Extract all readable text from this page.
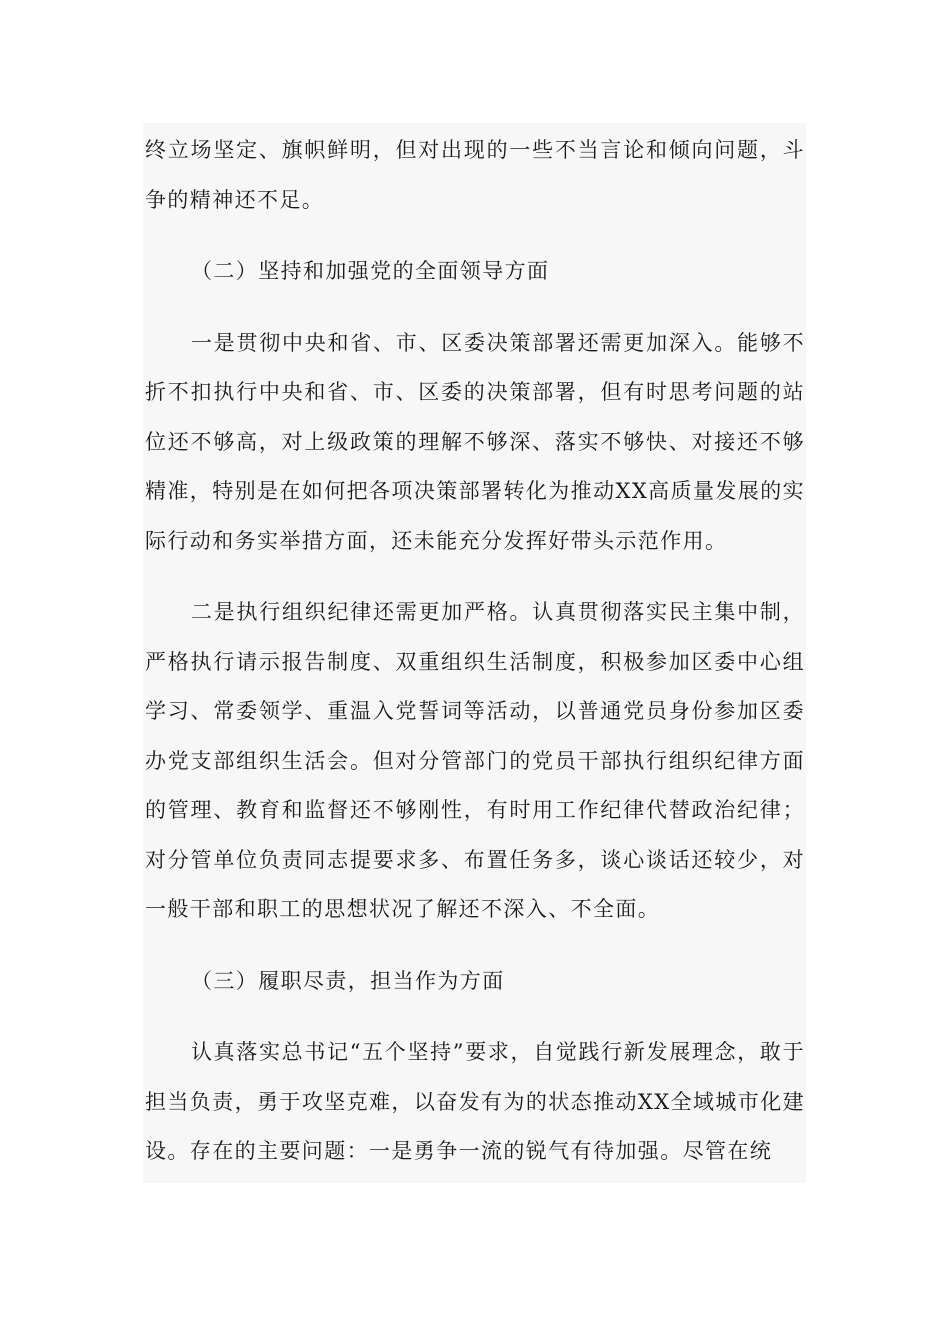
终立场坚定、旗帜鲜明，但对出现的一些不当言论和倾向问题，斗争的精神还不足。

（二）坚持和加强党的全面领导方面

一是贯彻中央和省、市、区委决策部署还需更加深入。能够不折不扣执行中央和省、市、区委的决策部署，但有时思考问题的站位还不够高，对上级政策的理解不够深、落实不够快、对接还不够精准，特别是在如何把各项决策部署转化为推动XX高质量发展的实际行动和务实举措方面，还未能充分发挥好带头示范作用。

二是执行组织纪律还需更加严格。认真贯彻落实民主集中制，严格执行请示报告制度、双重组织生活制度，积极参加区委中心组学习、常委领学、重温入党誓词等活动，以普通党员身份参加区委办党支部组织生活会。但对分管部门的党员干部执行组织纪律方面的管理、教育和监督还不够刚性，有时用工作纪律代替政治纪律；对分管单位负责同志提要求多、布置任务多，谈心谈话还较少，对一般干部和职工的思想状况了解还不深入、不全面。

（三）履职尽责，担当作为方面

认真落实总书记“五个坚持”要求，自觉践行新发展理念，敢于担当负责，勇于攻坚克难，以奋发有为的状态推动XX全域城市化建设。存在的主要问题：一是勇争一流的锐气有待加强。尽管在统
